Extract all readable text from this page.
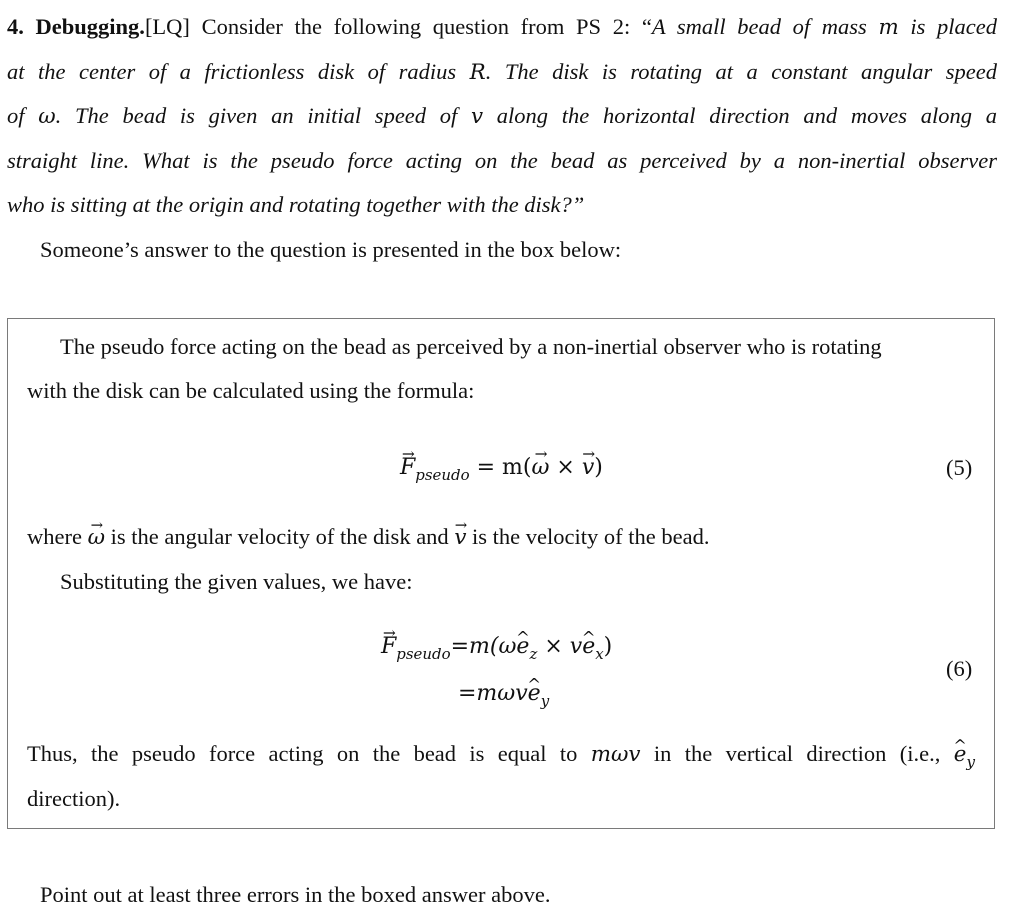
4. Debugging.[LQ] Consider the following question from PS 2: “A small bead of mass m is placed
at the center of a frictionless disk of radius R. The disk is rotating at a constant angular speed
of ω. The bead is given an initial speed of v along the horizontal direction and moves along a
straight line. What is the pseudo force acting on the bead as perceived by a non-inertial observer
who is sitting at the origin and rotating together with the disk?”
Someone’s answer to the question is presented in the box below:
The pseudo force acting on the bead as perceived by a non-inertial observer who is rotating
with the disk can be calculated using the formula:
→ $F_{pseudo} = m(\to \omega$ × → v)	(5)
where → ω is the angular velocity of the disk and → v is the velocity of the bead.
Substituting the given values, we have:
→ $F_{pseudo}=m(\omega\^{}$ $e_z$ × v^ $e_x$)
=mωv^ $e_y$
(6)
Thus, the pseudo force acting on the bead is equal to mωv in the vertical direction (i.e., ^ $e_y$
direction).
Point out at least three errors in the boxed answer above.
